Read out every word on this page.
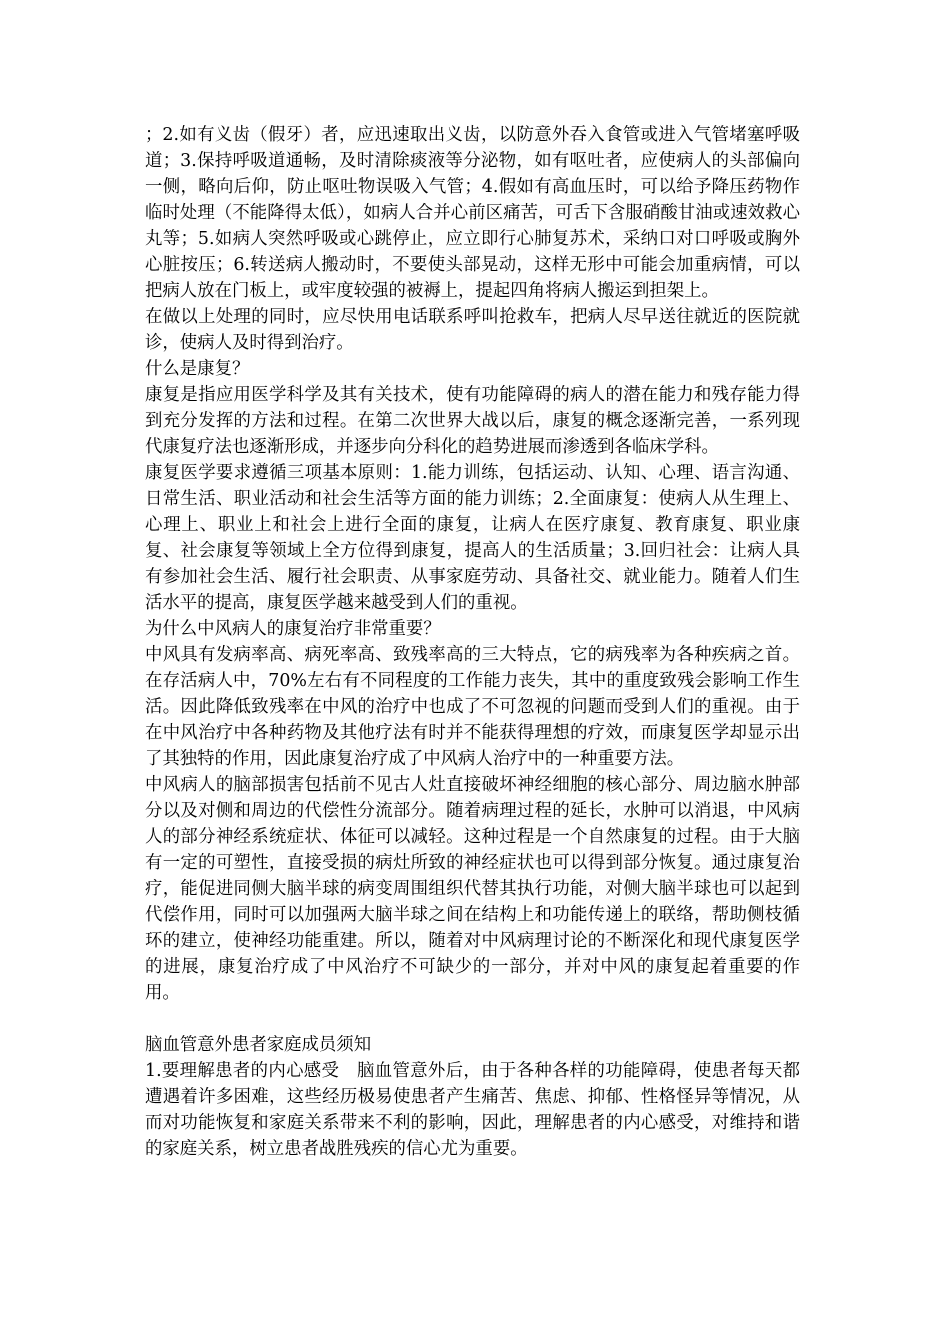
；2.如有义齿（假牙）者，应迅速取出义齿，以防意外吞入食管或进入气管堵塞呼吸道；3.保持呼吸道通畅，及时清除痰液等分泌物，如有呕吐者，应使病人的头部偏向一侧，略向后仰，防止呕吐物误吸入气管；4.假如有高血压时，可以给予降压药物作临时处理（不能降得太低），如病人合并心前区痛苦，可舌下含服硝酸甘油或速效救心丸等；5.如病人突然呼吸或心跳停止，应立即行心肺复苏术，采纳口对口呼吸或胸外心脏按压；6.转送病人搬动时，不要使头部晃动，这样无形中可能会加重病情，可以把病人放在门板上，或牢度较强的被褥上，提起四角将病人搬运到担架上。

在做以上处理的同时，应尽快用电话联系呼叫抢救车，把病人尽早送往就近的医院就诊，使病人及时得到治疗。

什么是康复？

康复是指应用医学科学及其有关技术，使有功能障碍的病人的潜在能力和残存能力得到充分发挥的方法和过程。在第二次世界大战以后，康复的概念逐渐完善，一系列现代康复疗法也逐渐形成，并逐步向分科化的趋势进展而渗透到各临床学科。

康复医学要求遵循三项基本原则：1.能力训练，包括运动、认知、心理、语言沟通、日常生活、职业活动和社会生活等方面的能力训练；2.全面康复：使病人从生理上、心理上、职业上和社会上进行全面的康复，让病人在医疗康复、教育康复、职业康复、社会康复等领域上全方位得到康复，提高人的生活质量；3.回归社会：让病人具有参加社会生活、履行社会职责、从事家庭劳动、具备社交、就业能力。随着人们生活水平的提高，康复医学越来越受到人们的重视。

为什么中风病人的康复治疗非常重要？

中风具有发病率高、病死率高、致残率高的三大特点，它的病残率为各种疾病之首。在存活病人中，70%左右有不同程度的工作能力丧失，其中的重度致残会影响工作生活。因此降低致残率在中风的治疗中也成了不可忽视的问题而受到人们的重视。由于在中风治疗中各种药物及其他疗法有时并不能获得理想的疗效，而康复医学却显示出了其独特的作用，因此康复治疗成了中风病人治疗中的一种重要方法。

中风病人的脑部损害包括前不见古人灶直接破坏神经细胞的核心部分、周边脑水肿部分以及对侧和周边的代偿性分流部分。随着病理过程的延长，水肿可以消退，中风病人的部分神经系统症状、体征可以减轻。这种过程是一个自然康复的过程。由于大脑有一定的可塑性，直接受损的病灶所致的神经症状也可以得到部分恢复。通过康复治疗，能促进同侧大脑半球的病变周围组织代替其执行功能，对侧大脑半球也可以起到代偿作用，同时可以加强两大脑半球之间在结构上和功能传递上的联络，帮助侧枝循环的建立，使神经功能重建。所以，随着对中风病理讨论的不断深化和现代康复医学的进展，康复治疗成了中风治疗不可缺少的一部分，并对中风的康复起着重要的作用。

脑血管意外患者家庭成员须知

1.要理解患者的内心感受　脑血管意外后，由于各种各样的功能障碍，使患者每天都遭遇着许多困难，这些经历极易使患者产生痛苦、焦虑、抑郁、性格怪异等情况，从而对功能恢复和家庭关系带来不利的影响，因此，理解患者的内心感受，对维持和谐的家庭关系，树立患者战胜残疾的信心尤为重要。
